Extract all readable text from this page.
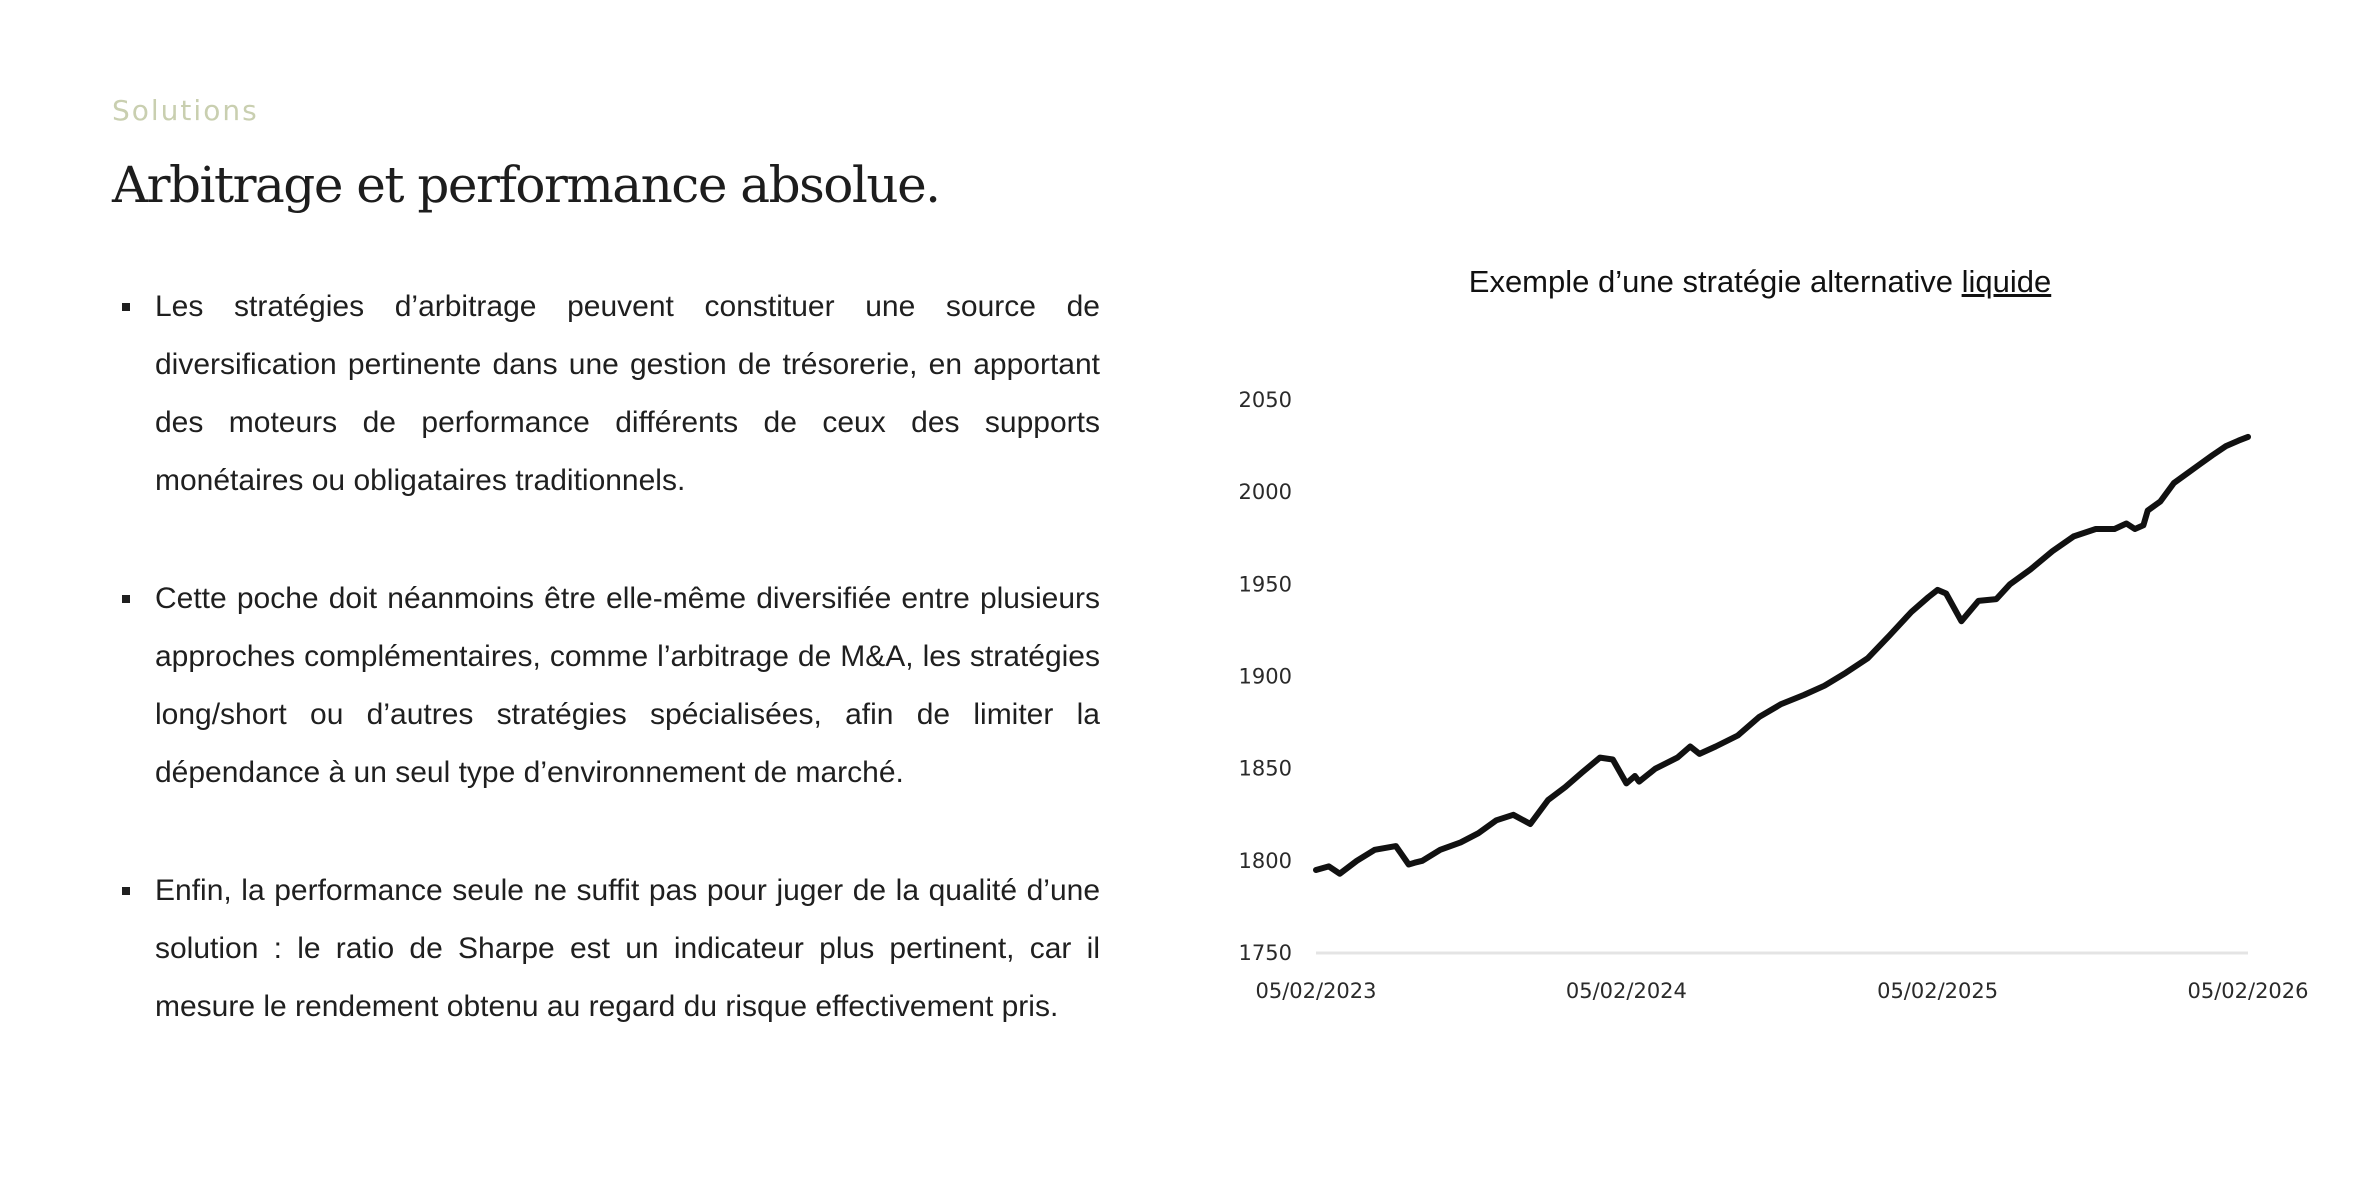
Solutions
Arbitrage et performance absolue.

Les stratégies d’arbitrage peuvent constituer une source de diversification pertinente dans une gestion de trésorerie, en apportant des moteurs de performance différents de ceux des supports monétaires ou obligataires traditionnels.

Cette poche doit néanmoins être elle-même diversifiée entre plusieurs approches complémentaires, comme l’arbitrage de M&A, les stratégies long/short ou d’autres stratégies spécialisées, afin de limiter la dépendance à un seul type d’environnement de marché.

Enfin, la performance seule ne suffit pas pour juger de la qualité d’une solution : le ratio de Sharpe est un indicateur plus pertinent, car il mesure le rendement obtenu au regard du risque effectivement pris.

Exemple d’une stratégie alternative liquide
1750
1800
1850
1900
1950
2000
2050
05/02/2023	05/02/2024	05/02/2025	05/02/2026
